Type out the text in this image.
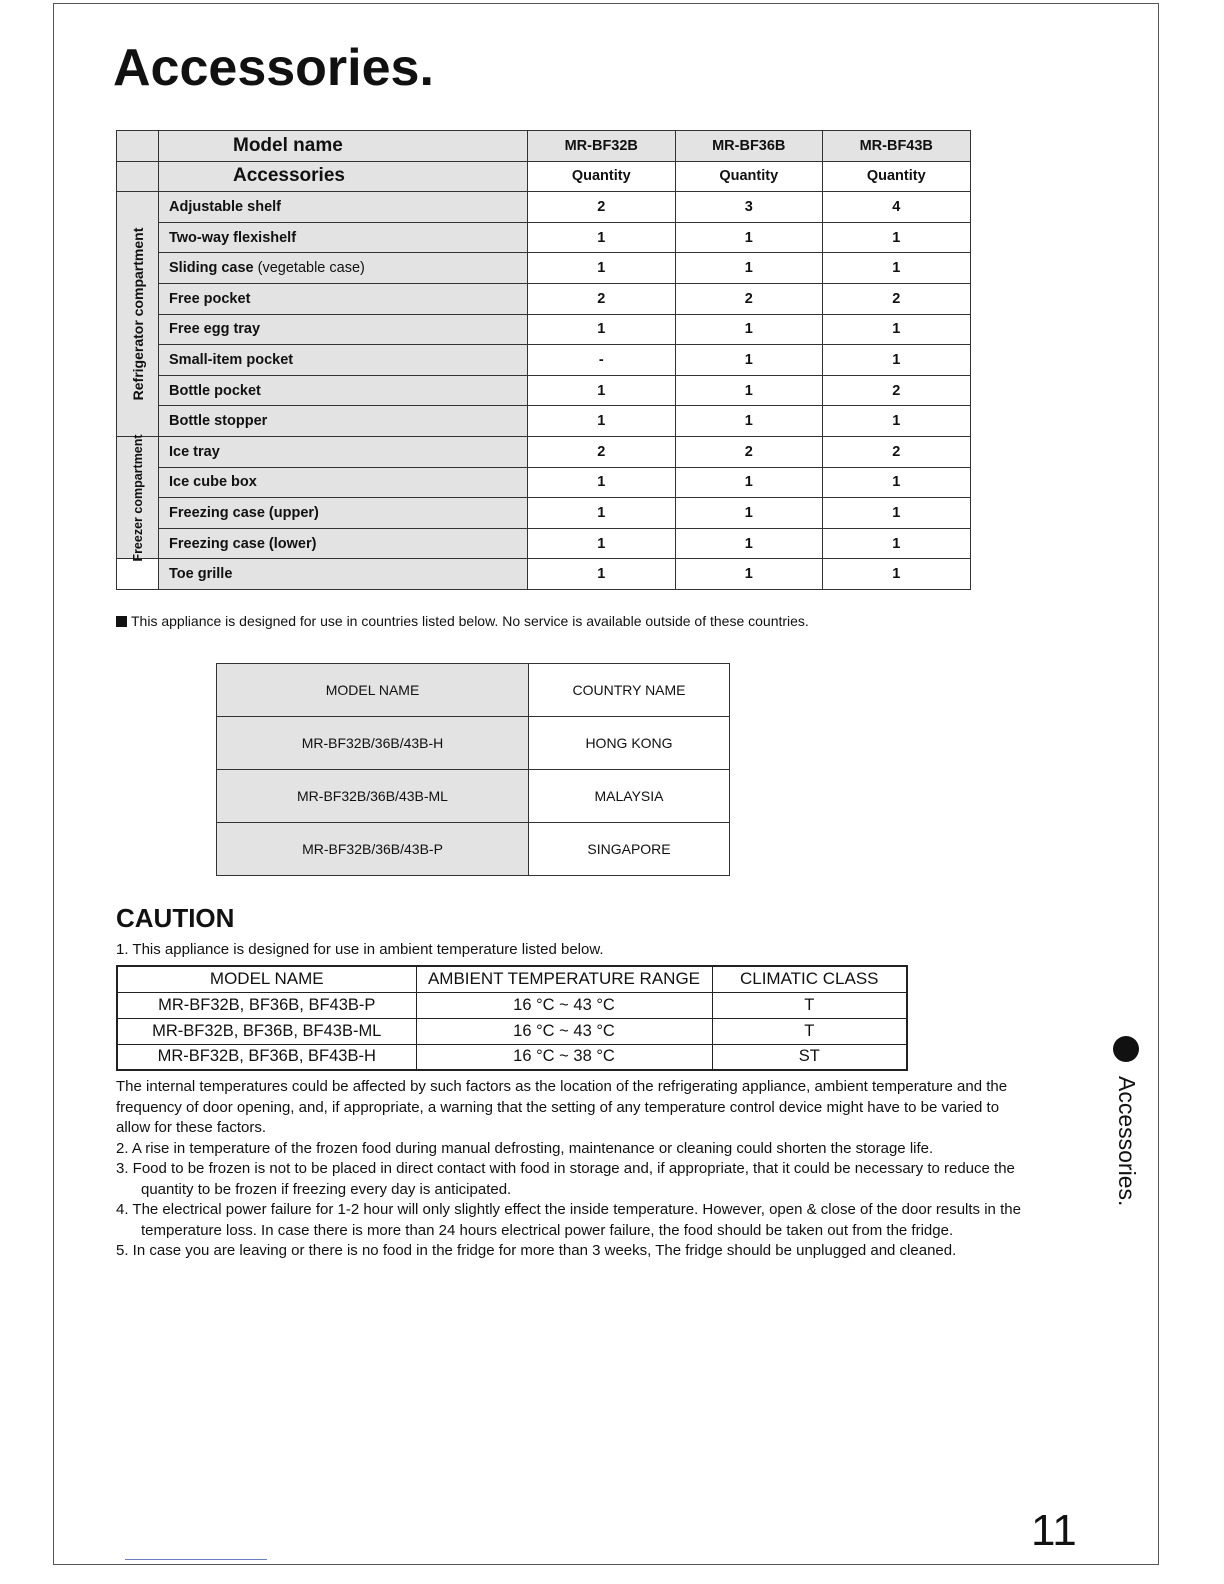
Accessories.
	Model name	MR-BF32B	MR-BF36B	MR-BF43B
	Accessories	Quantity	Quantity	Quantity

Refrigerator compartment	Adjustable shelf	2	3	4
	Two-way flexishelf	1	1	1
	Sliding case (vegetable case)	1	1	1
	Free pocket	2	2	2
	Free egg tray	1	1	1
	Small-item pocket	-	1	1
	Bottle pocket	1	1	2
	Bottle stopper	1	1	1

Freezer compartment	Ice tray	2	2	2
	Ice cube box	1	1	1
	Freezing case (upper)	1	1	1
	Freezing case (lower)	1	1	1
	Toe grille	1	1	1
This appliance is designed for use in countries listed below. No service is available outside of these countries.
MODEL NAME	COUNTRY NAME
MR-BF32B/36B/43B-H	HONG KONG
MR-BF32B/36B/43B-ML	MALAYSIA
MR-BF32B/36B/43B-P	SINGAPORE
CAUTION
1. This appliance is designed for use in ambient temperature listed below.
MODEL NAME	AMBIENT TEMPERATURE RANGE	CLIMATIC CLASS
MR-BF32B, BF36B, BF43B-P	16 °C ~ 43 °C	T
MR-BF32B, BF36B, BF43B-ML	16 °C ~ 43 °C	T
MR-BF32B, BF36B, BF43B-H	16 °C ~ 38 °C	ST

The internal temperatures could be affected by such factors as the location of the refrigerating appliance, ambient temperature and the frequency of door opening, and, if appropriate, a warning that the setting of any temperature control device might have to be varied to allow for these factors.

2. A rise in temperature of the frozen food during manual defrosting, maintenance or cleaning could shorten the storage life.

3. Food to be frozen is not to be placed in direct contact with food in storage and, if appropriate, that it could be necessary to reduce the quantity to be frozen if freezing every day is anticipated.

4. The electrical power failure for 1-2 hour will only slightly effect the inside temperature. However, open & close of the door results in the temperature loss. In case there is more than 24 hours electrical power failure, the food should be taken out from the fridge.

5. In case you are leaving or there is no food in the fridge for more than 3 weeks, The fridge should be unplugged and cleaned.

Accessories.
11
